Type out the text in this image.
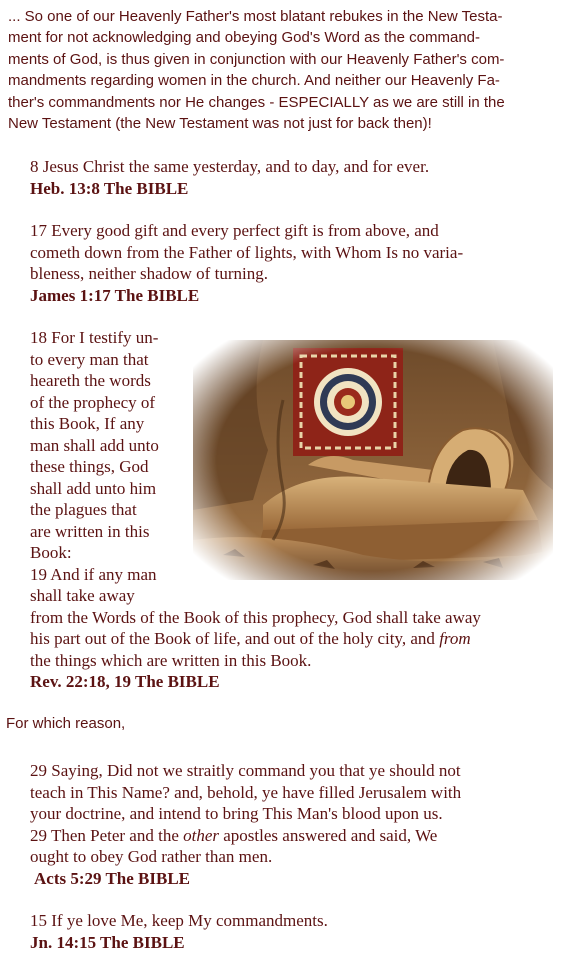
... So one of our Heavenly Father's most blatant rebukes in the New Testa-
ment for not acknowledging and obeying God's Word as the command-
ments of God, is thus given in conjunction with our Heavenly Father's com-
mandments regarding women in the church. And neither our Heavenly Fa-
ther's commandments nor He changes - ESPECIALLY as we are still in the
New Testament (the New Testament was not just for back then)!
8 Jesus Christ the same yesterday, and to day, and for ever.
Heb. 13:8 The BIBLE
17 Every good gift and every perfect gift is from above, and
cometh down from the Father of lights, with Whom Is no varia-
bleness, neither shadow of turning.
James 1:17 The BIBLE
18 For I testify un-
to every man that
heareth the words
of the prophecy of
this Book, If any
man shall add unto
these things, God
shall add unto him
the plagues that
are written in this
Book:
19 And if any man
shall take away
from the Words of the Book of this prophecy, God shall take away
his part out of the Book of life, and out of the holy city, and from
the things which are written in this Book.
Rev. 22:18, 19 The BIBLE
For which reason,
29 Saying, Did not we straitly command you that ye should not
teach in This Name? and, behold, ye have filled Jerusalem with
your doctrine, and intend to bring This Man's blood upon us.
29 Then Peter and the other apostles answered and said, We
ought to obey God rather than men.
Acts 5:29 The BIBLE
15 If ye love Me, keep My commandments.
Jn. 14:15 The BIBLE
